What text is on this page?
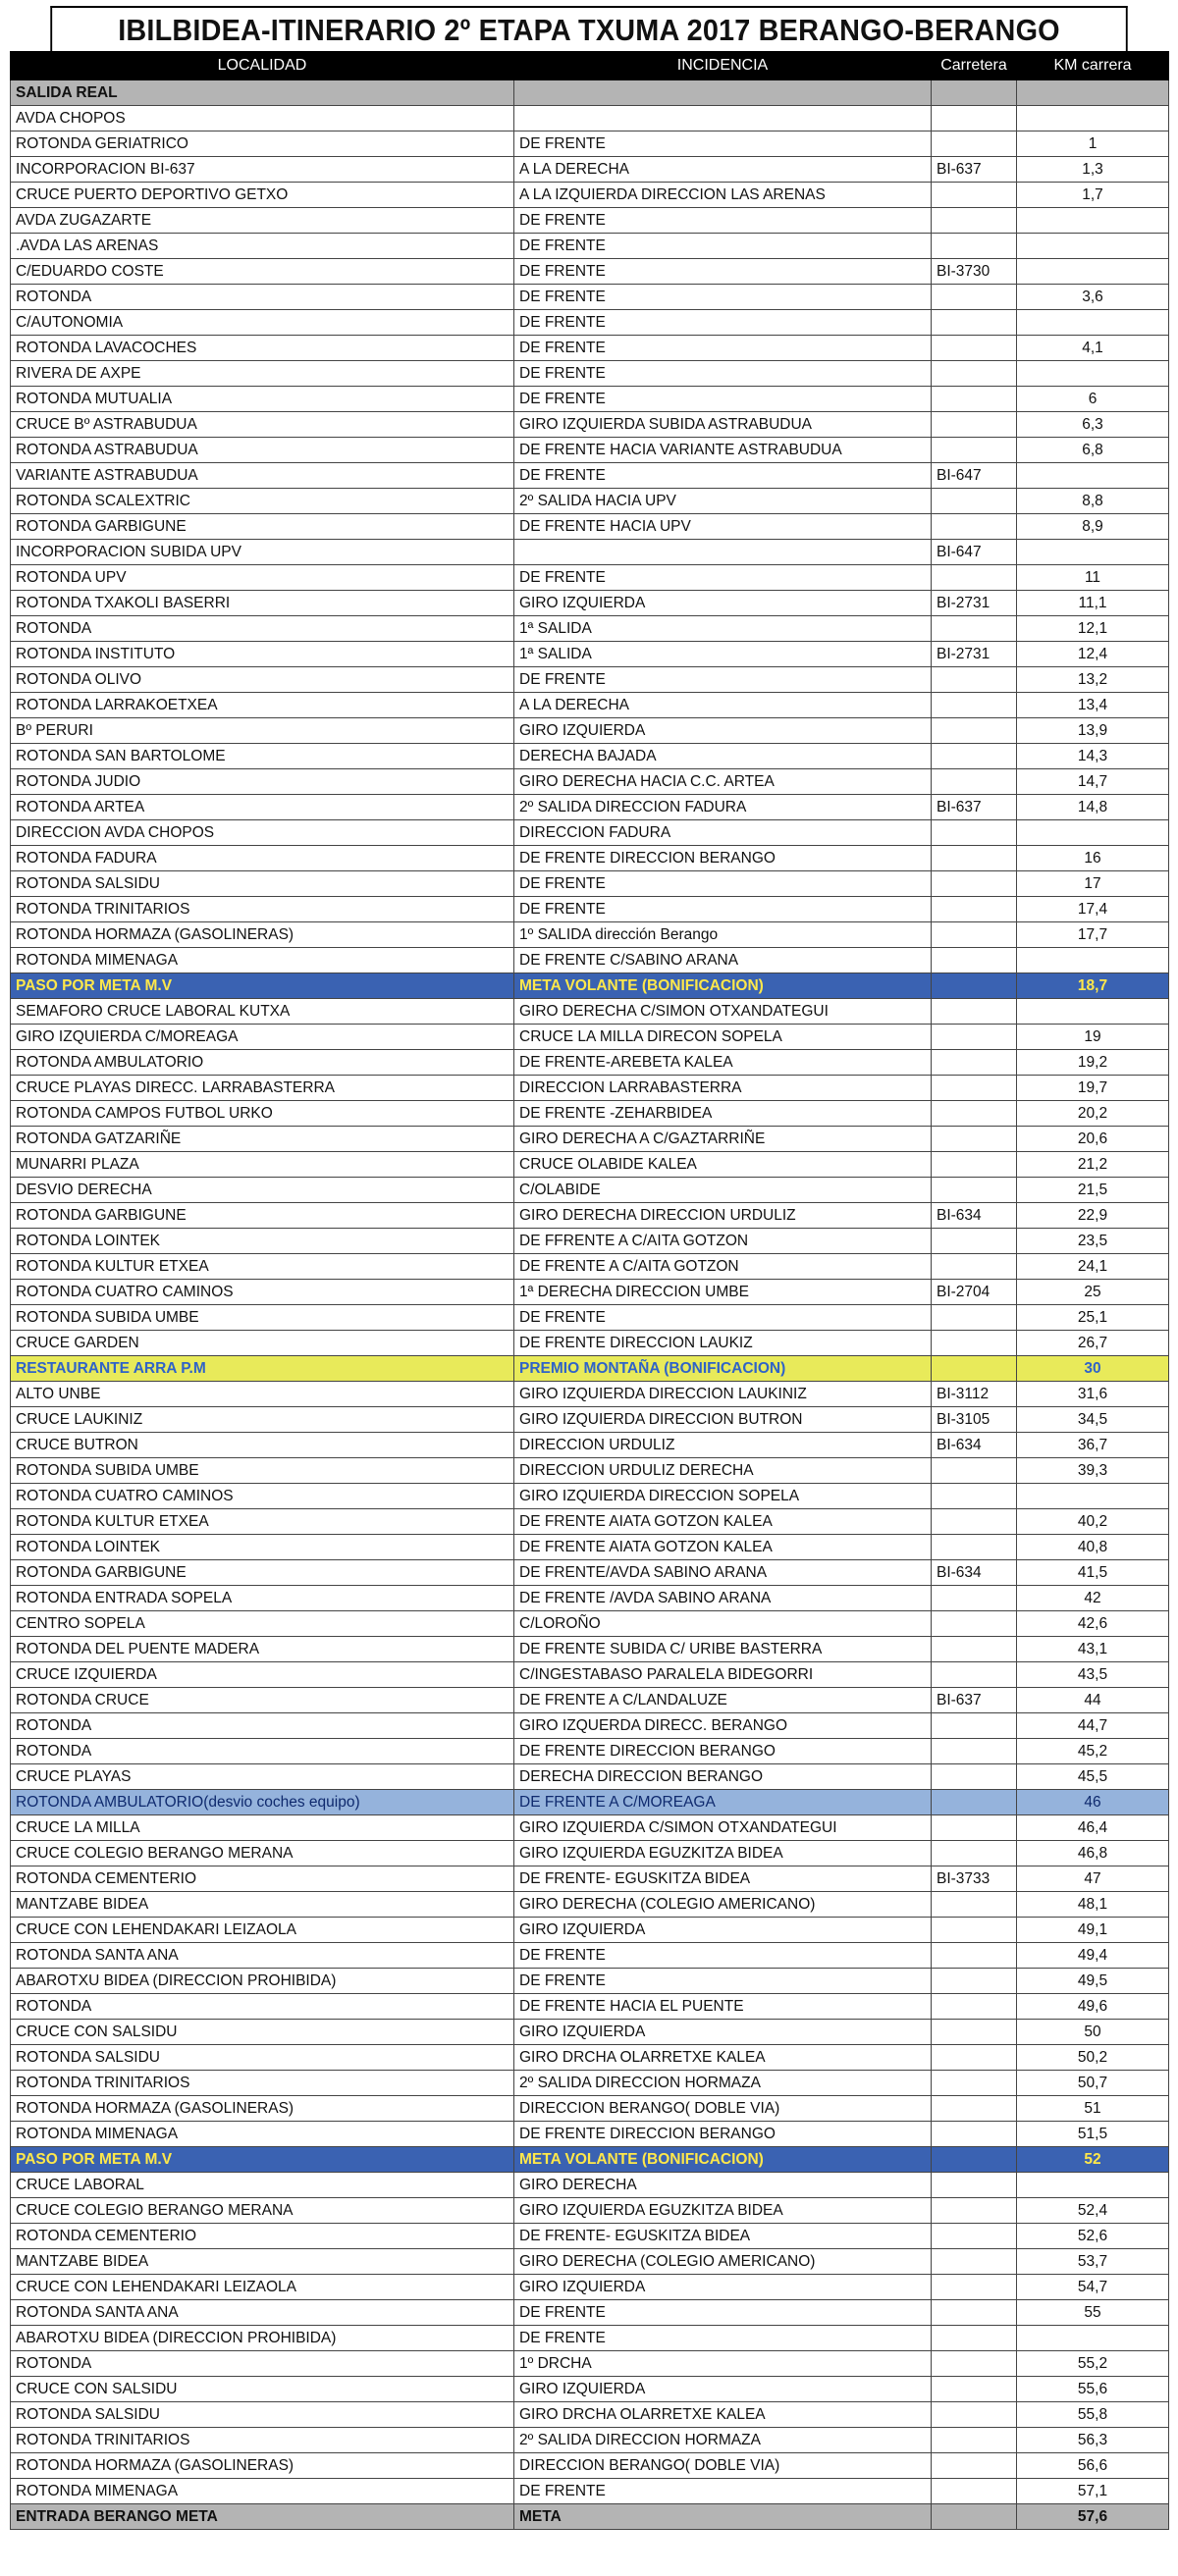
IBILBIDEA-ITINERARIO 2º ETAPA TXUMA 2017 BERANGO-BERANGO
LOCALIDAD	INCIDENCIA	Carretera	KM carrera
SALIDA REAL			
AVDA CHOPOS			
ROTONDA GERIATRICO	DE FRENTE		1
INCORPORACION BI-637	A LA DERECHA	BI-637	1,3
CRUCE PUERTO DEPORTIVO GETXO	A LA IZQUIERDA DIRECCION LAS ARENAS		1,7
AVDA ZUGAZARTE	DE FRENTE		
.AVDA LAS ARENAS	DE FRENTE		
C/EDUARDO COSTE	DE FRENTE	BI-3730	
ROTONDA	DE FRENTE		3,6
C/AUTONOMIA	DE FRENTE		
ROTONDA LAVACOCHES	DE FRENTE		4,1
RIVERA DE AXPE	DE FRENTE		
ROTONDA MUTUALIA	DE FRENTE		6
CRUCE Bº ASTRABUDUA	GIRO IZQUIERDA SUBIDA ASTRABUDUA		6,3
ROTONDA ASTRABUDUA	DE FRENTE HACIA VARIANTE ASTRABUDUA		6,8
VARIANTE ASTRABUDUA	DE FRENTE	BI-647	
ROTONDA SCALEXTRIC	2º SALIDA HACIA UPV		8,8
ROTONDA GARBIGUNE	DE FRENTE HACIA UPV		8,9
INCORPORACION SUBIDA UPV		BI-647	
ROTONDA UPV	DE FRENTE		11
ROTONDA TXAKOLI BASERRI	GIRO IZQUIERDA	BI-2731	11,1
ROTONDA	1ª SALIDA		12,1
ROTONDA INSTITUTO	1ª SALIDA	BI-2731	12,4
ROTONDA OLIVO	DE FRENTE		13,2
ROTONDA LARRAKOETXEA	A LA DERECHA		13,4
Bº PERURI	GIRO IZQUIERDA		13,9
ROTONDA SAN BARTOLOME	DERECHA BAJADA		14,3
ROTONDA JUDIO	GIRO DERECHA HACIA C.C. ARTEA		14,7
ROTONDA ARTEA	2º SALIDA DIRECCION FADURA	BI-637	14,8
DIRECCION AVDA CHOPOS	DIRECCION FADURA		
ROTONDA FADURA	DE FRENTE DIRECCION BERANGO		16
ROTONDA SALSIDU	DE FRENTE		17
ROTONDA TRINITARIOS	DE FRENTE		17,4
ROTONDA HORMAZA (GASOLINERAS)	1º SALIDA dirección Berango		17,7
ROTONDA MIMENAGA	DE FRENTE C/SABINO ARANA		
PASO POR META M.V	META VOLANTE (BONIFICACION)		18,7
SEMAFORO CRUCE LABORAL KUTXA	GIRO DERECHA C/SIMON OTXANDATEGUI		
GIRO IZQUIERDA C/MOREAGA	CRUCE LA MILLA DIRECON SOPELA		19
ROTONDA AMBULATORIO	DE FRENTE-AREBETA KALEA		19,2
CRUCE PLAYAS DIRECC. LARRABASTERRA	DIRECCION LARRABASTERRA		19,7
ROTONDA CAMPOS FUTBOL URKO	DE FRENTE -ZEHARBIDEA		20,2
ROTONDA GATZARIÑE	GIRO DERECHA A C/GAZTARRIÑE		20,6
MUNARRI PLAZA	CRUCE OLABIDE KALEA		21,2
DESVIO DERECHA	C/OLABIDE		21,5
ROTONDA GARBIGUNE	GIRO DERECHA DIRECCION URDULIZ	BI-634	22,9
ROTONDA LOINTEK	DE FFRENTE A C/AITA GOTZON		23,5
ROTONDA KULTUR ETXEA	DE FRENTE A C/AITA GOTZON		24,1
ROTONDA CUATRO CAMINOS	1ª DERECHA DIRECCION UMBE	BI-2704	25
ROTONDA SUBIDA UMBE	DE FRENTE		25,1
CRUCE GARDEN	DE FRENTE DIRECCION LAUKIZ		26,7
RESTAURANTE ARRA P.M	PREMIO MONTAÑA (BONIFICACION)		30
ALTO UNBE	GIRO IZQUIERDA DIRECCION LAUKINIZ	BI-3112	31,6
CRUCE LAUKINIZ	GIRO IZQUIERDA DIRECCION BUTRON	BI-3105	34,5
CRUCE BUTRON	DIRECCION URDULIZ	BI-634	36,7
ROTONDA SUBIDA UMBE	DIRECCION URDULIZ DERECHA		39,3
ROTONDA CUATRO CAMINOS	GIRO IZQUIERDA DIRECCION SOPELA		
ROTONDA KULTUR ETXEA	DE FRENTE AIATA GOTZON KALEA		40,2
ROTONDA LOINTEK	DE FRENTE AIATA GOTZON KALEA		40,8
ROTONDA GARBIGUNE	DE FRENTE/AVDA SABINO ARANA	BI-634	41,5
ROTONDA ENTRADA SOPELA	DE FRENTE /AVDA SABINO ARANA		42
CENTRO SOPELA	C/LOROÑO		42,6
ROTONDA DEL PUENTE MADERA	DE FRENTE SUBIDA C/ URIBE BASTERRA		43,1
CRUCE IZQUIERDA	C/INGESTABASO PARALELA BIDEGORRI		43,5
ROTONDA CRUCE	DE FRENTE A C/LANDALUZE	BI-637	44
ROTONDA	GIRO IZQUERDA DIRECC. BERANGO		44,7
ROTONDA	DE FRENTE DIRECCION BERANGO		45,2
CRUCE PLAYAS	DERECHA DIRECCION BERANGO		45,5
ROTONDA AMBULATORIO(desvio coches equipo)	DE FRENTE A C/MOREAGA		46
CRUCE LA MILLA	GIRO IZQUIERDA C/SIMON OTXANDATEGUI		46,4
CRUCE COLEGIO BERANGO MERANA	GIRO IZQUIERDA EGUZKITZA BIDEA		46,8
ROTONDA CEMENTERIO	DE FRENTE- EGUSKITZA BIDEA	BI-3733	47
MANTZABE BIDEA	GIRO DERECHA (COLEGIO AMERICANO)		48,1
CRUCE CON LEHENDAKARI LEIZAOLA	GIRO IZQUIERDA		49,1
ROTONDA SANTA ANA	DE FRENTE		49,4
ABAROTXU BIDEA (DIRECCION PROHIBIDA)	DE FRENTE		49,5
ROTONDA	DE FRENTE HACIA EL PUENTE		49,6
CRUCE CON SALSIDU	GIRO IZQUIERDA		50
ROTONDA SALSIDU	GIRO DRCHA OLARRETXE KALEA		50,2
ROTONDA TRINITARIOS	2º SALIDA DIRECCION HORMAZA		50,7
ROTONDA HORMAZA (GASOLINERAS)	DIRECCION BERANGO( DOBLE VIA)		51
ROTONDA MIMENAGA	DE FRENTE DIRECCION BERANGO		51,5
PASO POR META M.V	META VOLANTE (BONIFICACION)		52
CRUCE LABORAL	GIRO DERECHA		
CRUCE COLEGIO BERANGO MERANA	GIRO IZQUIERDA EGUZKITZA BIDEA		52,4
ROTONDA CEMENTERIO	DE FRENTE- EGUSKITZA BIDEA		52,6
MANTZABE BIDEA	GIRO DERECHA (COLEGIO AMERICANO)		53,7
CRUCE CON LEHENDAKARI LEIZAOLA	GIRO IZQUIERDA		54,7
ROTONDA SANTA ANA	DE FRENTE		55
ABAROTXU BIDEA (DIRECCION PROHIBIDA)	DE FRENTE		
ROTONDA	1º DRCHA		55,2
CRUCE CON SALSIDU	GIRO IZQUIERDA		55,6
ROTONDA SALSIDU	GIRO DRCHA OLARRETXE KALEA		55,8
ROTONDA TRINITARIOS	2º SALIDA DIRECCION HORMAZA		56,3
ROTONDA HORMAZA (GASOLINERAS)	DIRECCION BERANGO( DOBLE VIA)		56,6
ROTONDA MIMENAGA	DE FRENTE		57,1
ENTRADA BERANGO META	META		57,6
